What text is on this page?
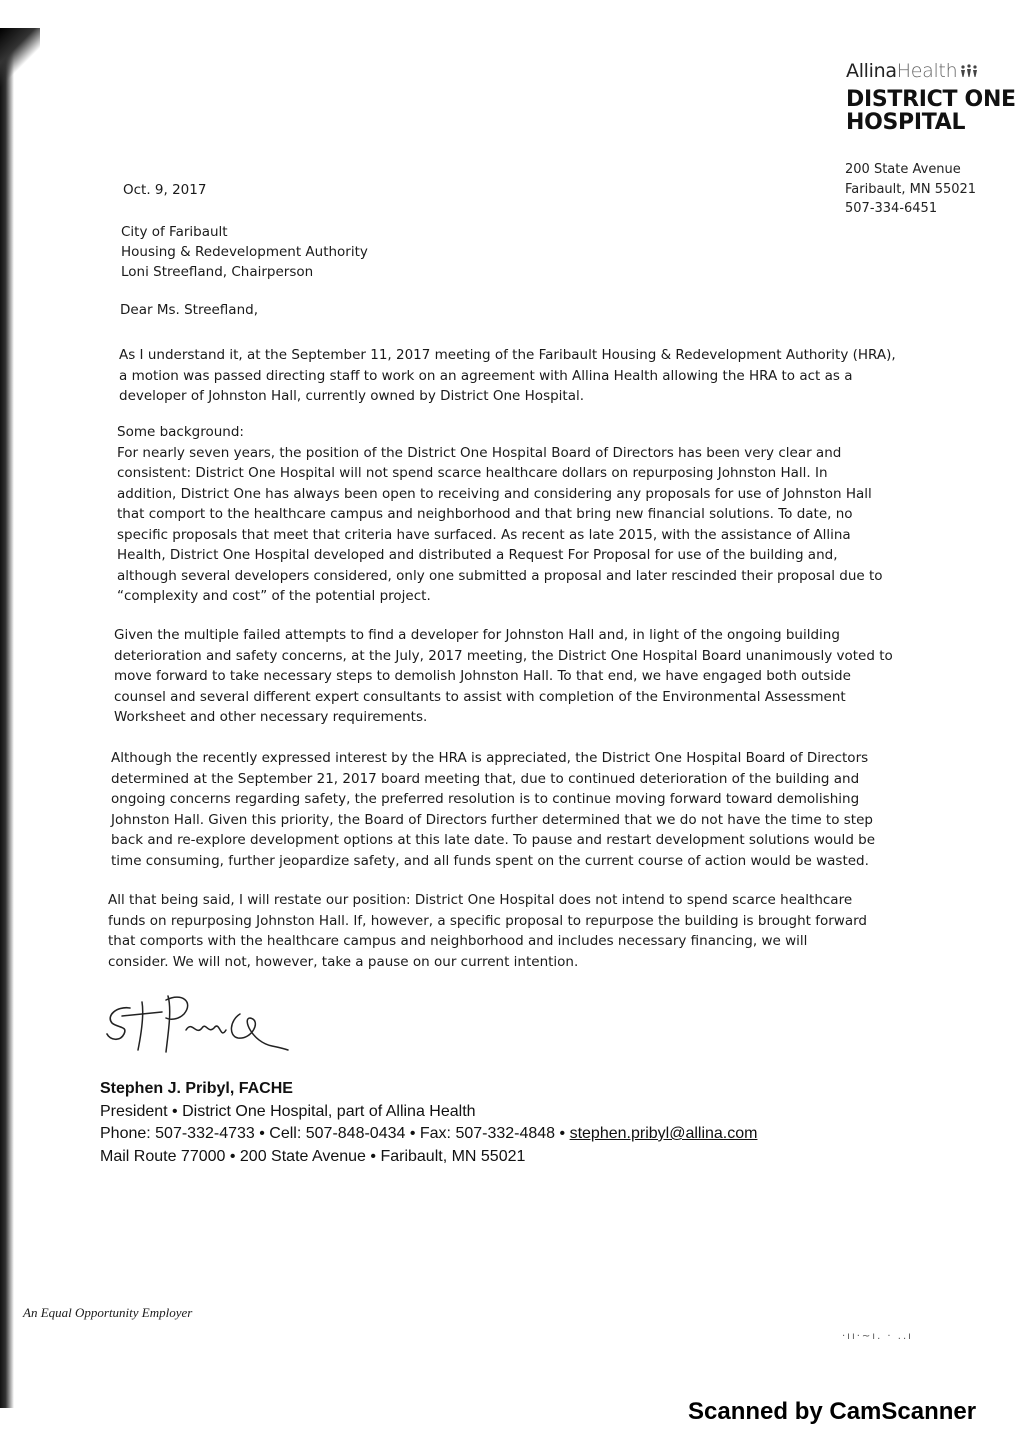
Allina Health
DISTRICT ONE
HOSPITAL
200 State Avenue
Faribault, MN 55021
507-334-6451
Oct. 9, 2017
City of Faribault
Housing & Redevelopment Authority
Loni Streefland, Chairperson
Dear Ms. Streefland,
As I understand it, at the September 11, 2017 meeting of the Faribault Housing & Redevelopment Authority (HRA),
a motion was passed directing staff to work on an agreement with Allina Health allowing the HRA to act as a
developer of Johnston Hall, currently owned by District One Hospital.
Some background:
For nearly seven years, the position of the District One Hospital Board of Directors has been very clear and
consistent: District One Hospital will not spend scarce healthcare dollars on repurposing Johnston Hall. In
addition, District One has always been open to receiving and considering any proposals for use of Johnston Hall
that comport to the healthcare campus and neighborhood and that bring new financial solutions. To date, no
specific proposals that meet that criteria have surfaced. As recent as late 2015, with the assistance of Allina
Health, District One Hospital developed and distributed a Request For Proposal for use of the building and,
although several developers considered, only one submitted a proposal and later rescinded their proposal due to
“complexity and cost” of the potential project.
Given the multiple failed attempts to find a developer for Johnston Hall and, in light of the ongoing building
deterioration and safety concerns, at the July, 2017 meeting, the District One Hospital Board unanimously voted to
move forward to take necessary steps to demolish Johnston Hall. To that end, we have engaged both outside
counsel and several different expert consultants to assist with completion of the Environmental Assessment
Worksheet and other necessary requirements.
Although the recently expressed interest by the HRA is appreciated, the District One Hospital Board of Directors
determined at the September 21, 2017 board meeting that, due to continued deterioration of the building and
ongoing concerns regarding safety, the preferred resolution is to continue moving forward toward demolishing
Johnston Hall. Given this priority, the Board of Directors further determined that we do not have the time to step
back and re-explore development options at this late date. To pause and restart development solutions would be
time consuming, further jeopardize safety, and all funds spent on the current course of action would be wasted.
All that being said, I will restate our position: District One Hospital does not intend to spend scarce healthcare
funds on repurposing Johnston Hall. If, however, a specific proposal to repurpose the building is brought forward
that comports with the healthcare campus and neighborhood and includes necessary financing, we will
consider. We will not, however, take a pause on our current intention.
Stephen J. Pribyl, FACHE
President • District One Hospital, part of Allina Health
Phone: 507-332-4733 • Cell: 507-848-0434 • Fax: 507-332-4848 • stephen.pribyl@allina.com
Mail Route 77000 • 200 State Avenue • Faribault, MN 55021
An Equal Opportunity Employer
·ıı·~ı. · ..ı
Scanned by CamScanner
